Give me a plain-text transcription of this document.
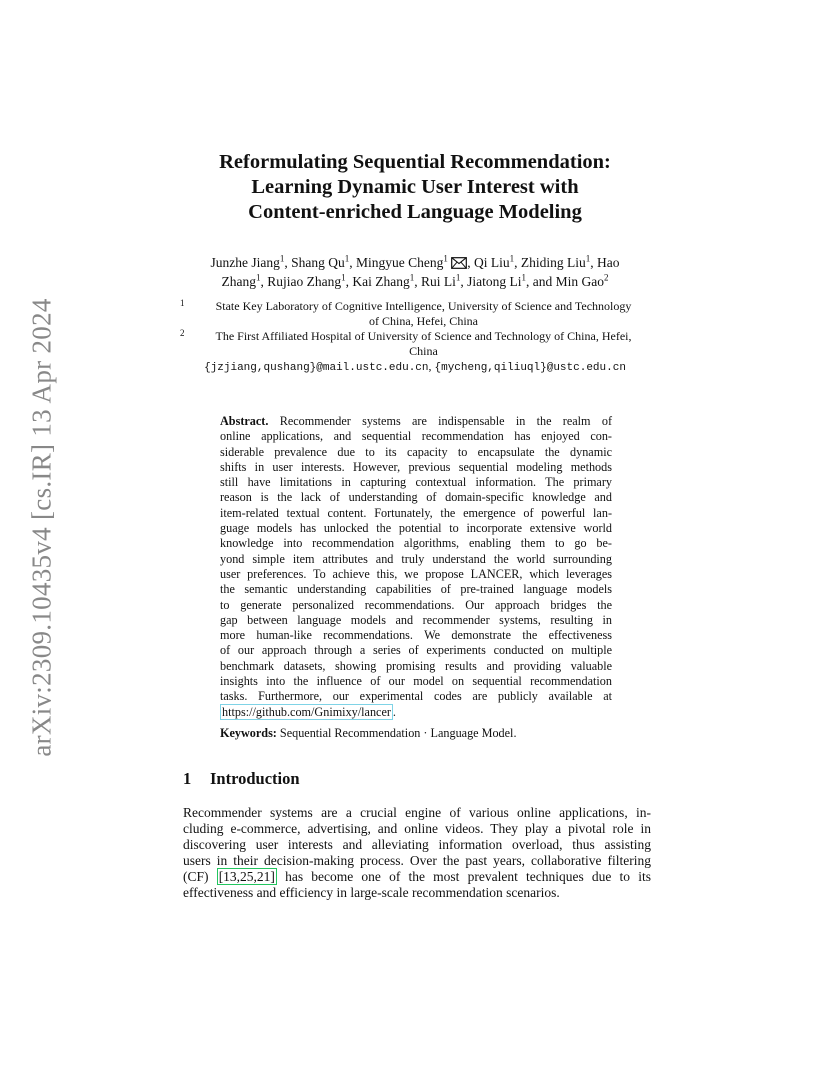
arXiv:2309.10435v4 [cs.IR] 13 Apr 2024
Reformulating Sequential Recommendation:
Learning Dynamic User Interest with
Content-enriched Language Modeling
Junzhe Jiang$^1$, Shang Qu$^1$, Mingyue Cheng$^1$ , Qi Liu$^1$, Zhiding Liu$^1$, Hao
Zhang$^1$, Rujiao Zhang$^1$, Kai Zhang$^1$, Rui Li$^1$, Jiatong Li$^1$, and Min Gao$^2$
1	State Key Laboratory of Cognitive Intelligence, University of Science and Technology
of China, Hefei, China
2	The First Affiliated Hospital of University of Science and Technology of China, Hefei,
China
{jzjiang,qushang}@mail.ustc.edu.cn, {mycheng,qiliuql}@ustc.edu.cn
Abstract. Recommender systems are indispensable in the realm of
online applications, and sequential recommendation has enjoyed con-
siderable prevalence due to its capacity to encapsulate the dynamic
shifts in user interests. However, previous sequential modeling methods
still have limitations in capturing contextual information. The primary
reason is the lack of understanding of domain-specific knowledge and
item-related textual content. Fortunately, the emergence of powerful lan-
guage models has unlocked the potential to incorporate extensive world
knowledge into recommendation algorithms, enabling them to go be-
yond simple item attributes and truly understand the world surrounding
user preferences. To achieve this, we propose LANCER, which leverages
the semantic understanding capabilities of pre-trained language models
to generate personalized recommendations. Our approach bridges the
gap between language models and recommender systems, resulting in
more human-like recommendations. We demonstrate the effectiveness
of our approach through a series of experiments conducted on multiple
benchmark datasets, showing promising results and providing valuable
insights into the influence of our model on sequential recommendation
tasks. Furthermore, our experimental codes are publicly available at
https://github.com/Gnimixy/lancer .
Keywords: Sequential Recommendation · Language Model.
1 Introduction
Recommender systems are a crucial engine of various online applications, in-
cluding e-commerce, advertising, and online videos. They play a pivotal role in
discovering user interests and alleviating information overload, thus assisting
users in their decision-making process. Over the past years, collaborative filtering
(CF) [13,25,21] has become one of the most prevalent techniques due to its
effectiveness and efficiency in large-scale recommendation scenarios.
